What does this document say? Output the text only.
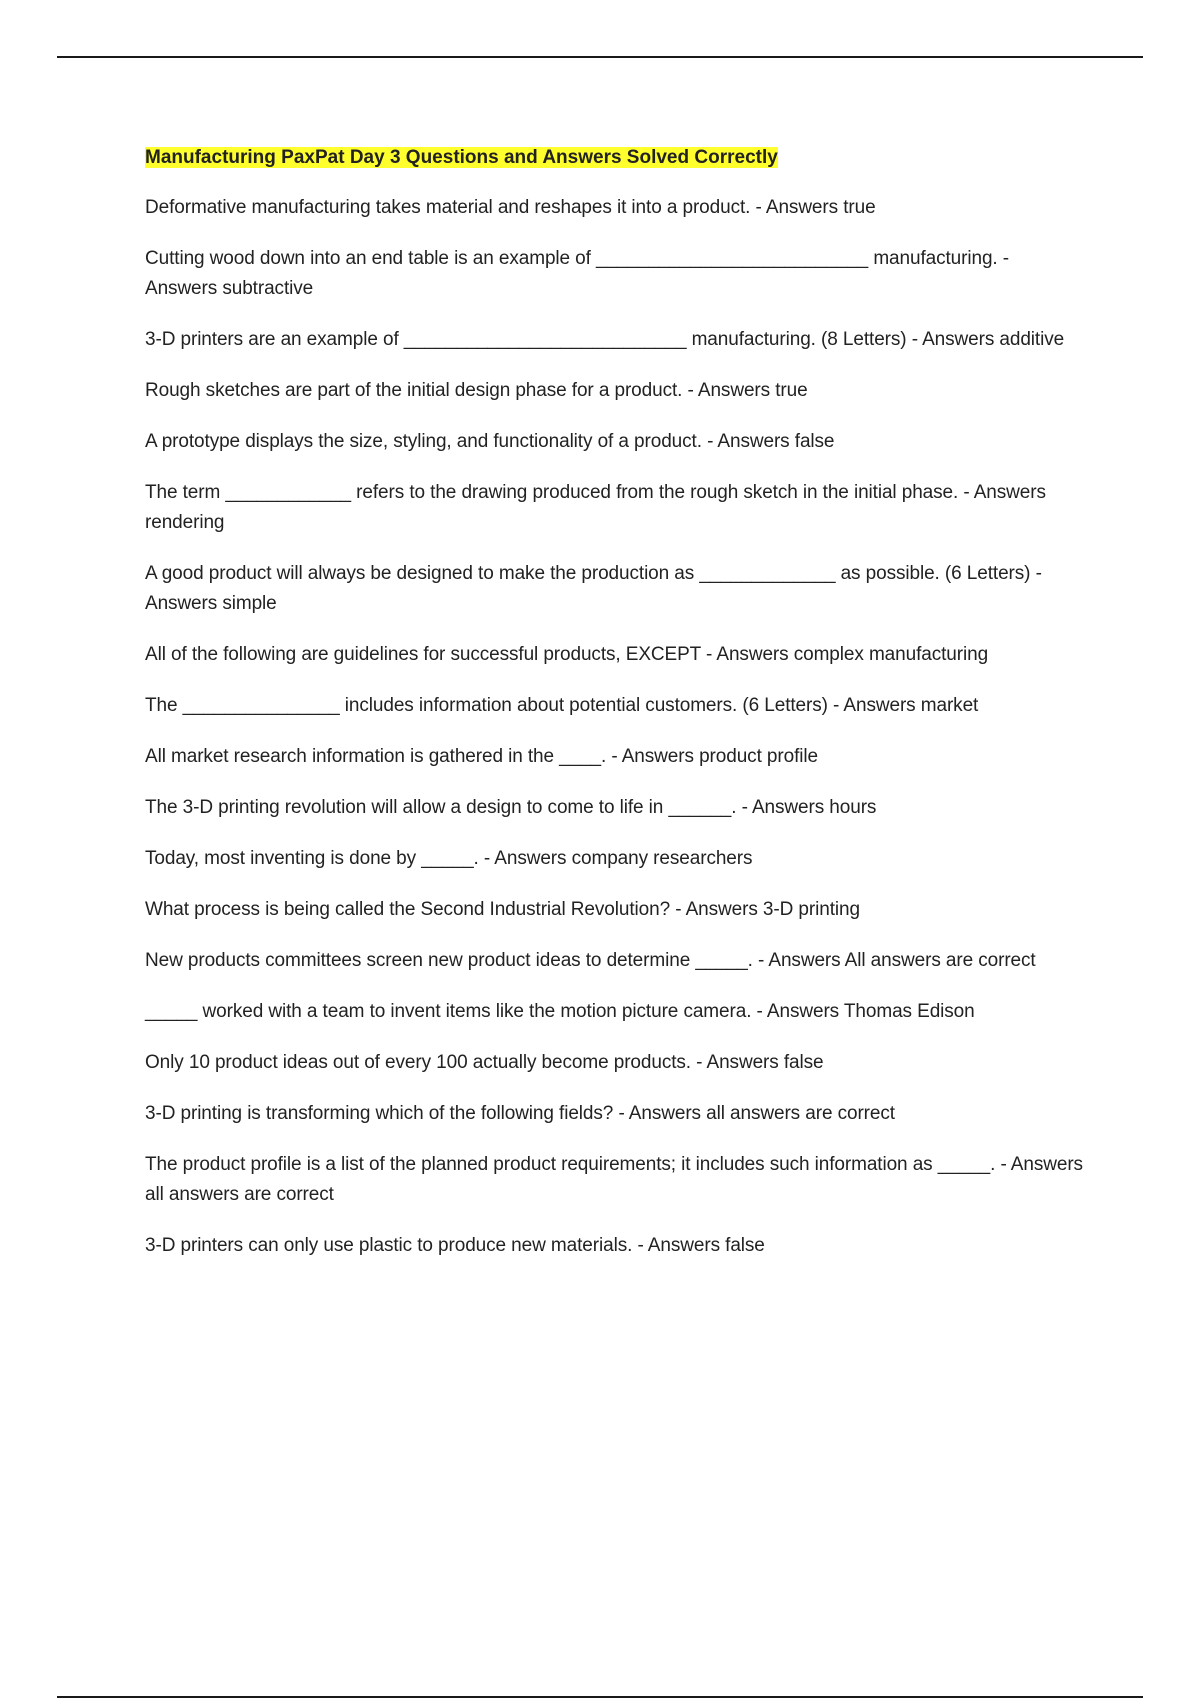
Manufacturing PaxPat Day 3 Questions and Answers Solved Correctly

Deformative manufacturing takes material and reshapes it into a product. - Answers true

Cutting wood down into an end table is an example of __________________________ manufacturing. - Answers subtractive

3-D printers are an example of ___________________________ manufacturing. (8 Letters) - Answers additive

Rough sketches are part of the initial design phase for a product. - Answers true

A prototype displays the size, styling, and functionality of a product. - Answers false

The term ____________ refers to the drawing produced from the rough sketch in the initial phase. - Answers rendering

A good product will always be designed to make the production as _____________ as possible. (6 Letters) - Answers simple

All of the following are guidelines for successful products, EXCEPT - Answers complex manufacturing

The _______________ includes information about potential customers. (6 Letters) - Answers market

All market research information is gathered in the ____. - Answers product profile

The 3-D printing revolution will allow a design to come to life in ______. - Answers hours

Today, most inventing is done by _____. - Answers company researchers

What process is being called the Second Industrial Revolution? - Answers 3-D printing

New products committees screen new product ideas to determine _____. - Answers All answers are correct

_____ worked with a team to invent items like the motion picture camera. - Answers Thomas Edison

Only 10 product ideas out of every 100 actually become products. - Answers false

3-D printing is transforming which of the following fields? - Answers all answers are correct

The product profile is a list of the planned product requirements; it includes such information as _____. - Answers all answers are correct

3-D printers can only use plastic to produce new materials. - Answers false
